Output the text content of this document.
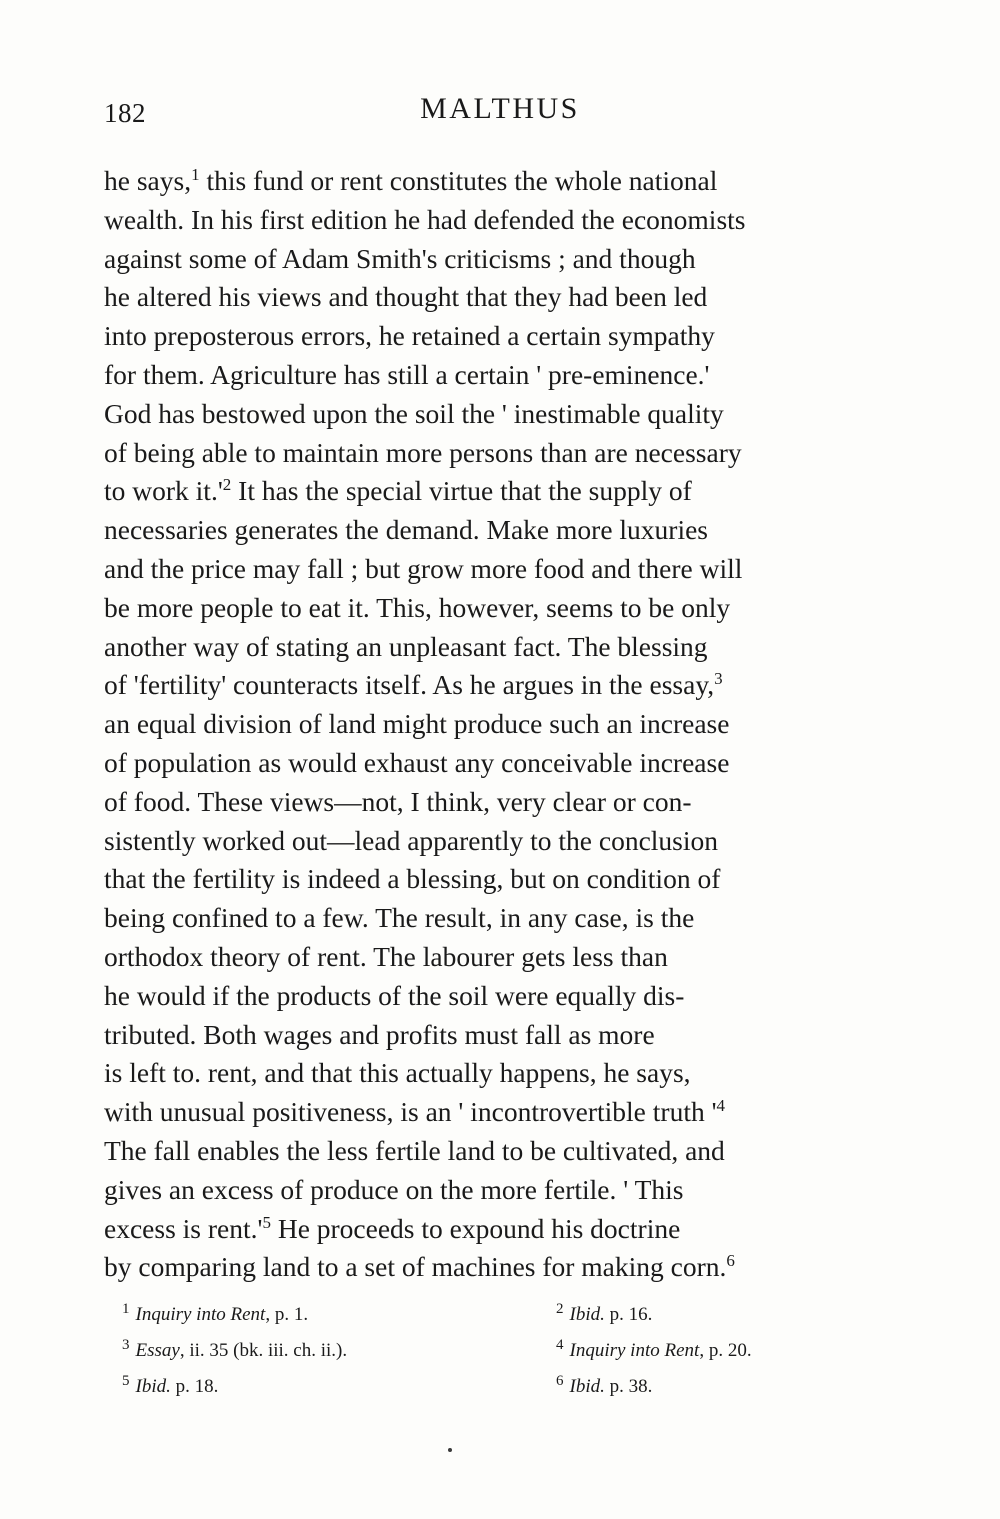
182	MALTHUS
he says,$^1$ this fund or rent constitutes the whole national
wealth. In his first edition he had defended the economists
against some of Adam Smith's criticisms ; and though
he altered his views and thought that they had been led
into preposterous errors, he retained a certain sympathy
for them. Agriculture has still a certain ' pre-eminence.'
God has bestowed upon the soil the ' inestimable quality
of being able to maintain more persons than are necessary
to work $it.'^2$ It has the special virtue that the supply of
necessaries generates the demand. Make more luxuries
and the price may fall ; but grow more food and there will
be more people to eat it. This, however, seems to be only
another way of stating an unpleasant fact. The blessing
of 'fertility' counteracts itself. As he argues in the essay,$^3$
an equal division of land might produce such an increase
of population as would exhaust any conceivable increase
of food. These views—not, I think, very clear or con-
sistently worked out—lead apparently to the conclusion
that the fertility is indeed a blessing, but on condition of
being confined to a few. The result, in any case, is the
orthodox theory of rent. The labourer gets less than
he would if the products of the soil were equally dis-
tributed. Both wages and profits must fall as more
is left to. rent, and that this actually happens, he says,
with unusual positiveness, is an ' incontrovertible truth '$^4$
The fall enables the less fertile land to be cultivated, and
gives an excess of produce on the more fertile. ' This
excess is $rent.'^5$ He proceeds to expound his doctrine
by comparing land to a set of machines for making corn.$^6$
$^1$ Inquiry into Rent, p. 1.
$^3$ Essay, ii. 35 (bk. iii. ch. ii.).
$^5$ Ibid. p. 18.
$^2$ Ibid. p. 16.
$^4$ Inquiry into Rent, p. 20.
$^6$ Ibid. p. 38.
